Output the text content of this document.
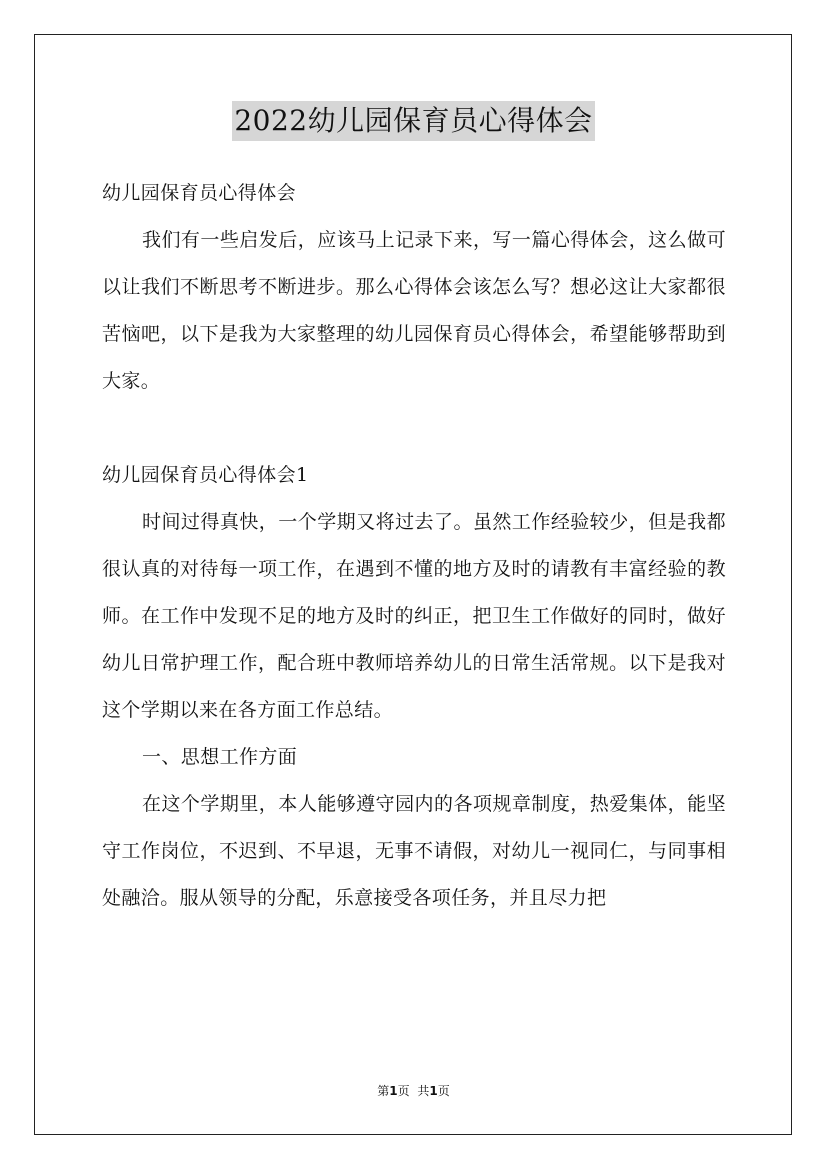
2022幼儿园保育员心得体会

幼儿园保育员心得体会

我们有一些启发后，应该马上记录下来，写一篇心得体会，这么做可以让我们不断思考不断进步。那么心得体会该怎么写？想必这让大家都很苦恼吧，以下是我为大家整理的幼儿园保育员心得体会，希望能够帮助到大家。

幼儿园保育员心得体会1

时间过得真快，一个学期又将过去了。虽然工作经验较少，但是我都很认真的对待每一项工作，在遇到不懂的地方及时的请教有丰富经验的教师。在工作中发现不足的地方及时的纠正，把卫生工作做好的同时，做好幼儿日常护理工作，配合班中教师培养幼儿的日常生活常规。以下是我对这个学期以来在各方面工作总结。

一、思想工作方面

在这个学期里，本人能够遵守园内的各项规章制度，热爱集体，能坚守工作岗位，不迟到、不早退，无事不请假，对幼儿一视同仁，与同事相处融洽。服从领导的分配，乐意接受各项任务，并且尽力把

第1页 共1页
